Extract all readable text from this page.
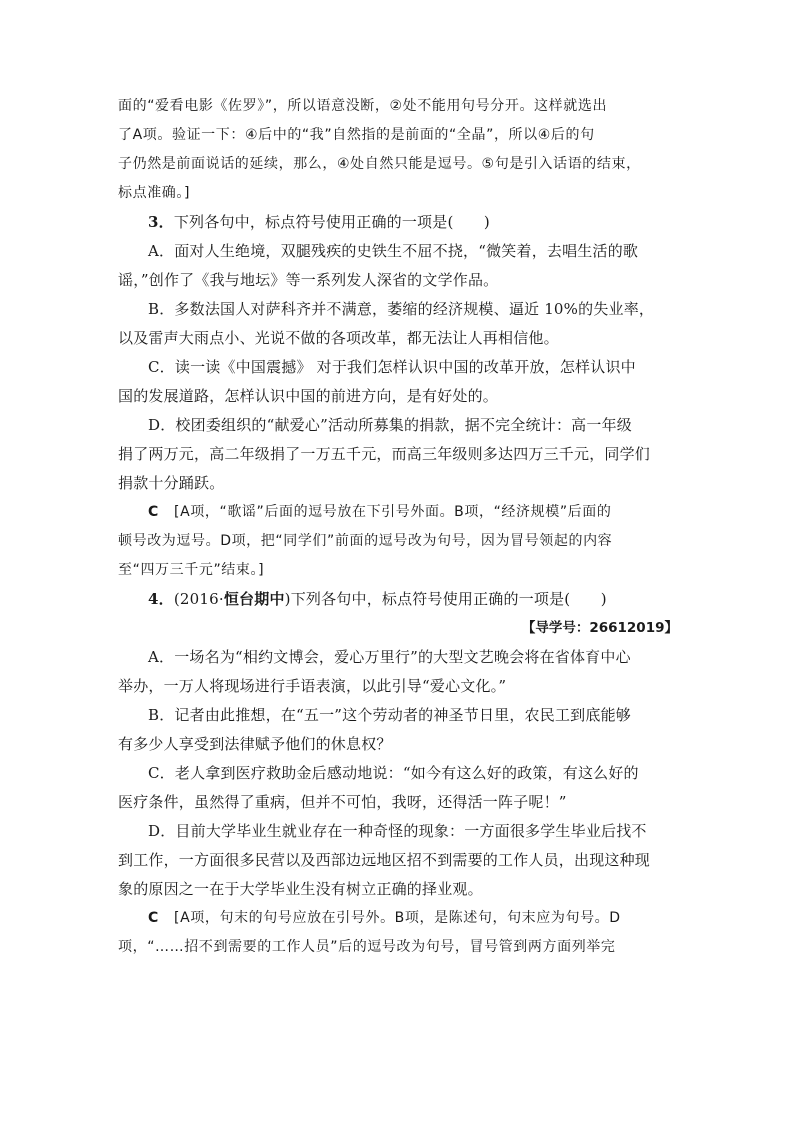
面的“爱看电影《佐罗》”，所以语意没断，②处不能用句号分开。这样就选出
了A项。验证一下：④后中的“我”自然指的是前面的“全晶”，所以④后的句
子仍然是前面说话的延续，那么，④处自然只能是逗号。⑤句是引入话语的结束，
标点准确。]
3．下列各句中，标点符号使用正确的一项是(　　)
A．面对人生绝境，双腿残疾的史铁生不屈不挠，“微笑着，去唱生活的歌
谣，”创作了《我与地坛》等一系列发人深省的文学作品。
B．多数法国人对萨科齐并不满意，萎缩的经济规模、逼近 10%的失业率，
以及雷声大雨点小、光说不做的各项改革，都无法让人再相信他。
C．读一读《中国震撼》 对于我们怎样认识中国的改革开放，怎样认识中
国的发展道路，怎样认识中国的前进方向，是有好处的。
D．校团委组织的“献爱心”活动所募集的捐款，据不完全统计：高一年级
捐了两万元，高二年级捐了一万五千元，而高三年级则多达四万三千元，同学们
捐款十分踊跃。
C [A项，“歌谣”后面的逗号放在下引号外面。B项，“经济规模”后面的
顿号改为逗号。D项，把“同学们”前面的逗号改为句号，因为冒号领起的内容
至“四万三千元”结束。]
4．(2016·恒台期中)下列各句中，标点符号使用正确的一项是(　　)
【导学号：26612019】
A．一场名为“相约文博会，爱心万里行”的大型文艺晚会将在省体育中心
举办，一万人将现场进行手语表演，以此引导“爱心文化。”
B．记者由此推想，在“五一”这个劳动者的神圣节日里，农民工到底能够
有多少人享受到法律赋予他们的休息权？
C．老人拿到医疗救助金后感动地说：“如今有这么好的政策，有这么好的
医疗条件，虽然得了重病，但并不可怕，我呀，还得活一阵子呢！”
D．目前大学毕业生就业存在一种奇怪的现象：一方面很多学生毕业后找不
到工作，一方面很多民营以及西部边远地区招不到需要的工作人员，出现这种现
象的原因之一在于大学毕业生没有树立正确的择业观。
C [A项，句末的句号应放在引号外。B项，是陈述句，句末应为句号。D
项，“……招不到需要的工作人员”后的逗号改为句号，冒号管到两方面列举完
